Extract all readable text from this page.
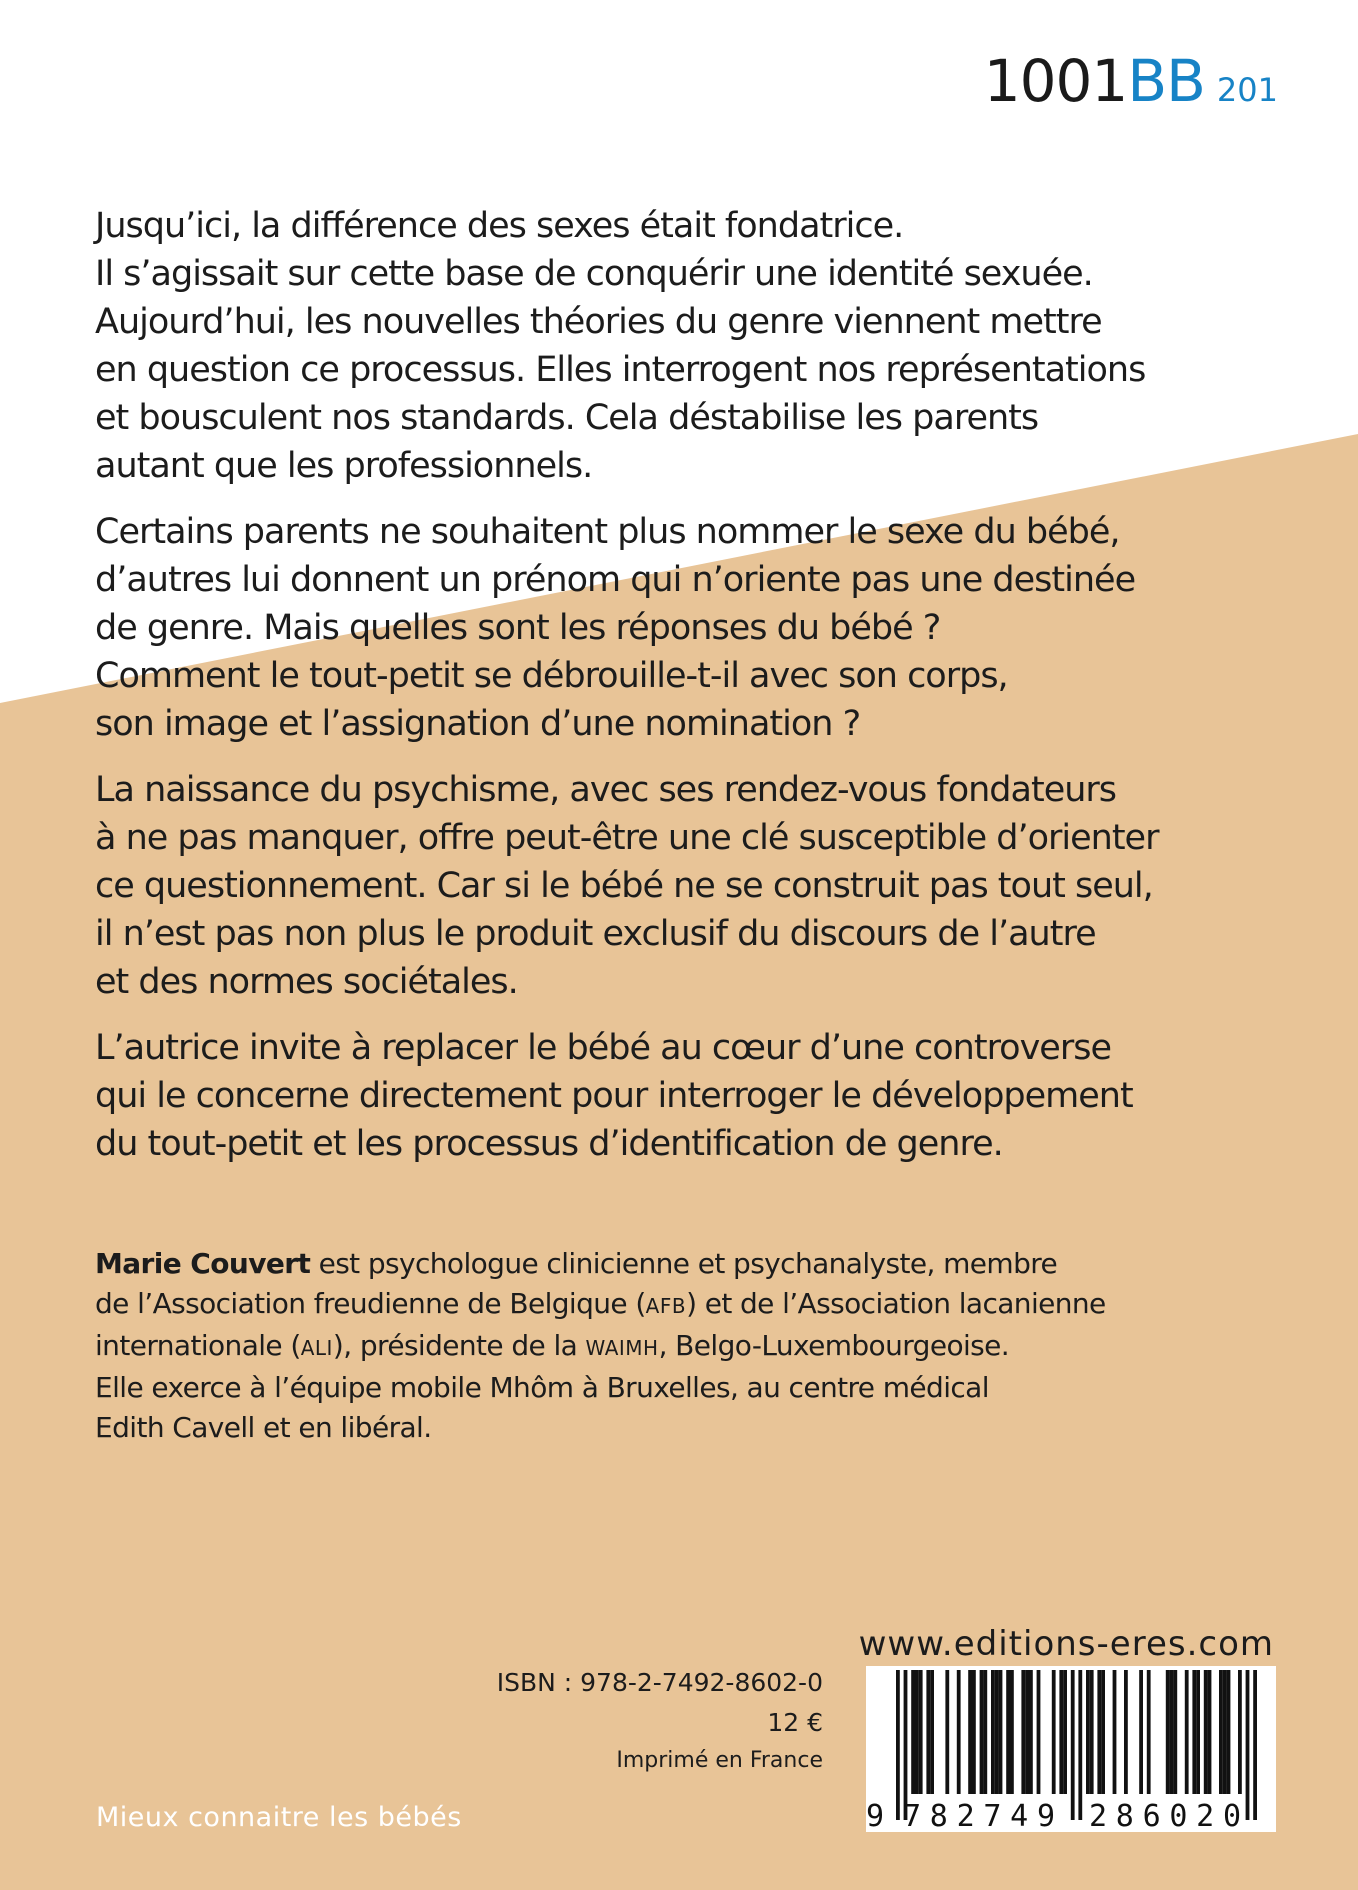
1001BB 201

Jusqu’ici, la différence des sexes était fondatrice.
Il s’agissait sur cette base de conquérir une identité sexuée.
Aujourd’hui, les nouvelles théories du genre viennent mettre
en question ce processus. Elles interrogent nos représentations
et bousculent nos standards. Cela déstabilise les parents
autant que les professionnels.

Certains parents ne souhaitent plus nommer le sexe du bébé,
d’autres lui donnent un prénom qui n’oriente pas une destinée
de genre. Mais quelles sont les réponses du bébé ?
Comment le tout-petit se débrouille-t-il avec son corps,
son image et l’assignation d’une nomination ?

La naissance du psychisme, avec ses rendez-vous fondateurs
à ne pas manquer, offre peut-être une clé susceptible d’orienter
ce questionnement. Car si le bébé ne se construit pas tout seul,
il n’est pas non plus le produit exclusif du discours de l’autre
et des normes sociétales.

L’autrice invite à replacer le bébé au cœur d’une controverse
qui le concerne directement pour interroger le développement
du tout-petit et les processus d’identification de genre.

Marie Couvert est psychologue clinicienne et psychanalyste, membre
de l’Association freudienne de Belgique (AFB) et de l’Association lacanienne
internationale (ALI), présidente de la WAIMH, Belgo-Luxembourgeoise.
Elle exerce à l’équipe mobile Mhôm à Bruxelles, au centre médical
Edith Cavell et en libéral.
www.editions-eres.com
ISBN : 978-2-7492-8602-0
12 €
Imprimé en France
9 782749 286020
Mieux connaitre les bébés
